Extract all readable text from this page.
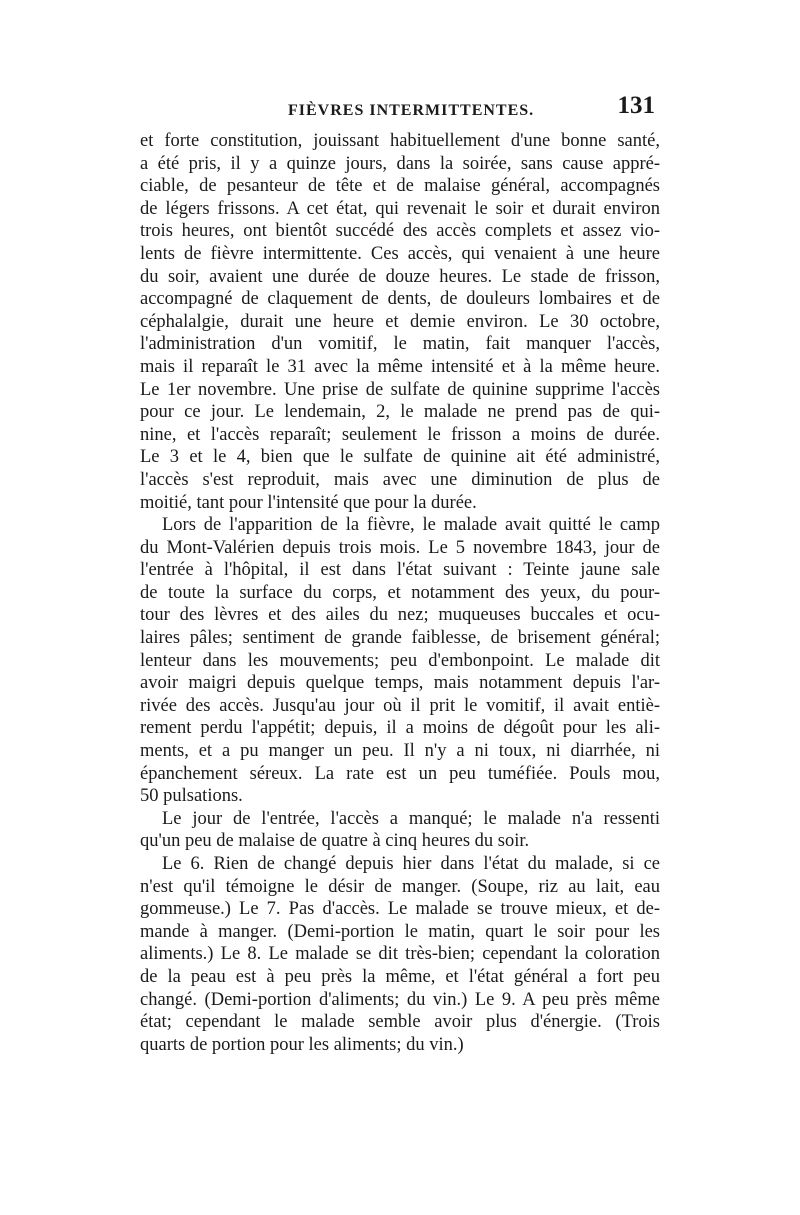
FIÈVRES INTERMITTENTES.	131
et forte constitution, jouissant habituellement d'une bonne santé,
a été pris, il y a quinze jours, dans la soirée, sans cause appré-
ciable, de pesanteur de tête et de malaise général, accompagnés
de légers frissons. A cet état, qui revenait le soir et durait environ
trois heures, ont bientôt succédé des accès complets et assez vio-
lents de fièvre intermittente. Ces accès, qui venaient à une heure
du soir, avaient une durée de douze heures. Le stade de frisson,
accompagné de claquement de dents, de douleurs lombaires et de
céphalalgie, durait une heure et demie environ. Le 30 octobre,
l'administration d'un vomitif, le matin, fait manquer l'accès,
mais il reparaît le 31 avec la même intensité et à la même heure.
Le 1er novembre. Une prise de sulfate de quinine supprime l'accès
pour ce jour. Le lendemain, 2, le malade ne prend pas de qui-
nine, et l'accès reparaît; seulement le frisson a moins de durée.
Le 3 et le 4, bien que le sulfate de quinine ait été administré,
l'accès s'est reproduit, mais avec une diminution de plus de
moitié, tant pour l'intensité que pour la durée.
Lors de l'apparition de la fièvre, le malade avait quitté le camp
du Mont-Valérien depuis trois mois. Le 5 novembre 1843, jour de
l'entrée à l'hôpital, il est dans l'état suivant : Teinte jaune sale
de toute la surface du corps, et notamment des yeux, du pour-
tour des lèvres et des ailes du nez; muqueuses buccales et ocu-
laires pâles; sentiment de grande faiblesse, de brisement général;
lenteur dans les mouvements; peu d'embonpoint. Le malade dit
avoir maigri depuis quelque temps, mais notamment depuis l'ar-
rivée des accès. Jusqu'au jour où il prit le vomitif, il avait entiè-
rement perdu l'appétit; depuis, il a moins de dégoût pour les ali-
ments, et a pu manger un peu. Il n'y a ni toux, ni diarrhée, ni
épanchement séreux. La rate est un peu tuméfiée. Pouls mou,
50 pulsations.
Le jour de l'entrée, l'accès a manqué; le malade n'a ressenti
qu'un peu de malaise de quatre à cinq heures du soir.
Le 6. Rien de changé depuis hier dans l'état du malade, si ce
n'est qu'il témoigne le désir de manger. (Soupe, riz au lait, eau
gommeuse.) Le 7. Pas d'accès. Le malade se trouve mieux, et de-
mande à manger. (Demi-portion le matin, quart le soir pour les
aliments.) Le 8. Le malade se dit très-bien; cependant la coloration
de la peau est à peu près la même, et l'état général a fort peu
changé. (Demi-portion d'aliments; du vin.) Le 9. A peu près même
état; cependant le malade semble avoir plus d'énergie. (Trois
quarts de portion pour les aliments; du vin.)
